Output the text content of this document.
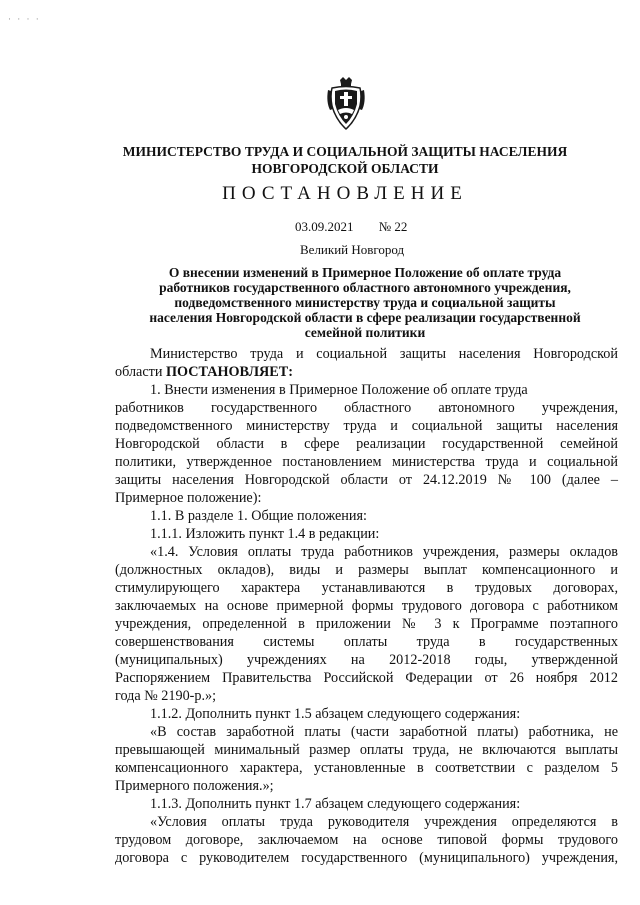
· · · ·
МИНИСТЕРСТВО ТРУДА И СОЦИАЛЬНОЙ ЗАЩИТЫ НАСЕЛЕНИЯ
НОВГОРОДСКОЙ ОБЛАСТИ
ПОСТАНОВЛЕНИЕ
03.09.2021 № 22
Великий Новгород
О внесении изменений в Примерное Положение об оплате труда
работников государственного областного автономного учреждения,
подведомственного министерству труда и социальной защиты
населения Новгородской области в сфере реализации государственной
семейной политики
Министерство труда и социальной защиты населения Новгородской
области ПОСТАНОВЛЯЕТ:
1. Внести изменения в Примерное Положение об оплате труда
работников государственного областного автономного учреждения,
подведомственного министерству труда и социальной защиты населения
Новгородской области в сфере реализации государственной семейной
политики, утвержденное постановлением министерства труда и социальной
защиты населения Новгородской области от 24.12.2019 № 100 (далее –
Примерное положение):
1.1. В разделе 1. Общие положения:
1.1.1. Изложить пункт 1.4 в редакции:
«1.4. Условия оплаты труда работников учреждения, размеры окладов
(должностных окладов), виды и размеры выплат компенсационного и
стимулирующего характера устанавливаются в трудовых договорах,
заключаемых на основе примерной формы трудового договора с работником
учреждения, определенной в приложении № 3 к Программе поэтапного
совершенствования системы оплаты труда в государственных
(муниципальных) учреждениях на 2012-2018 годы, утвержденной
Распоряжением Правительства Российской Федерации от 26 ноября 2012
года № 2190-р.»;
1.1.2. Дополнить пункт 1.5 абзацем следующего содержания:
«В состав заработной платы (части заработной платы) работника, не
превышающей минимальный размер оплаты труда, не включаются выплаты
компенсационного характера, установленные в соответствии с разделом 5
Примерного положения.»;
1.1.3. Дополнить пункт 1.7 абзацем следующего содержания:
«Условия оплаты труда руководителя учреждения определяются в
трудовом договоре, заключаемом на основе типовой формы трудового
договора с руководителем государственного (муниципального) учреждения,
